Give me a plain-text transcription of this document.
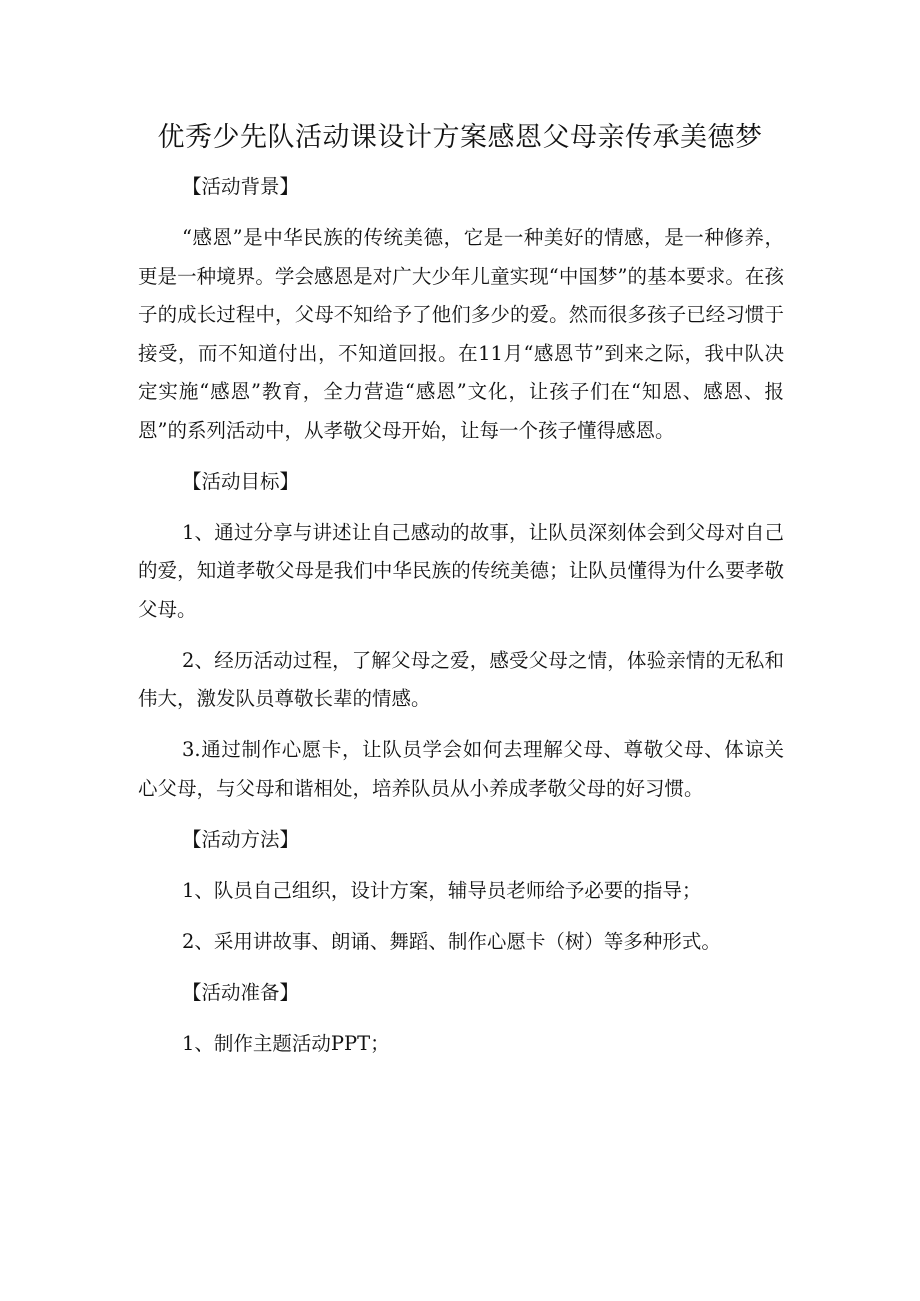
优秀少先队活动课设计方案感恩父母亲传承美德梦
【活动背景】
“感恩”是中华民族的传统美德，它是一种美好的情感，是一种修养，更是一种境界。学会感恩是对广大少年儿童实现“中国梦”的基本要求。在孩子的成长过程中，父母不知给予了他们多少的爱。然而很多孩子已经习惯于接受，而不知道付出，不知道回报。在11月“感恩节”到来之际，我中队决定实施“感恩”教育，全力营造“感恩”文化，让孩子们在“知恩、感恩、报恩”的系列活动中，从孝敬父母开始，让每一个孩子懂得感恩。
【活动目标】
1、通过分享与讲述让自己感动的故事，让队员深刻体会到父母对自己的爱，知道孝敬父母是我们中华民族的传统美德；让队员懂得为什么要孝敬父母。
2、经历活动过程，了解父母之爱，感受父母之情，体验亲情的无私和伟大，激发队员尊敬长辈的情感。
3.通过制作心愿卡，让队员学会如何去理解父母、尊敬父母、体谅关心父母，与父母和谐相处，培养队员从小养成孝敬父母的好习惯。
【活动方法】
1、队员自己组织，设计方案，辅导员老师给予必要的指导；
2、采用讲故事、朗诵、舞蹈、制作心愿卡（树）等多种形式。
【活动准备】
1、制作主题活动PPT；
